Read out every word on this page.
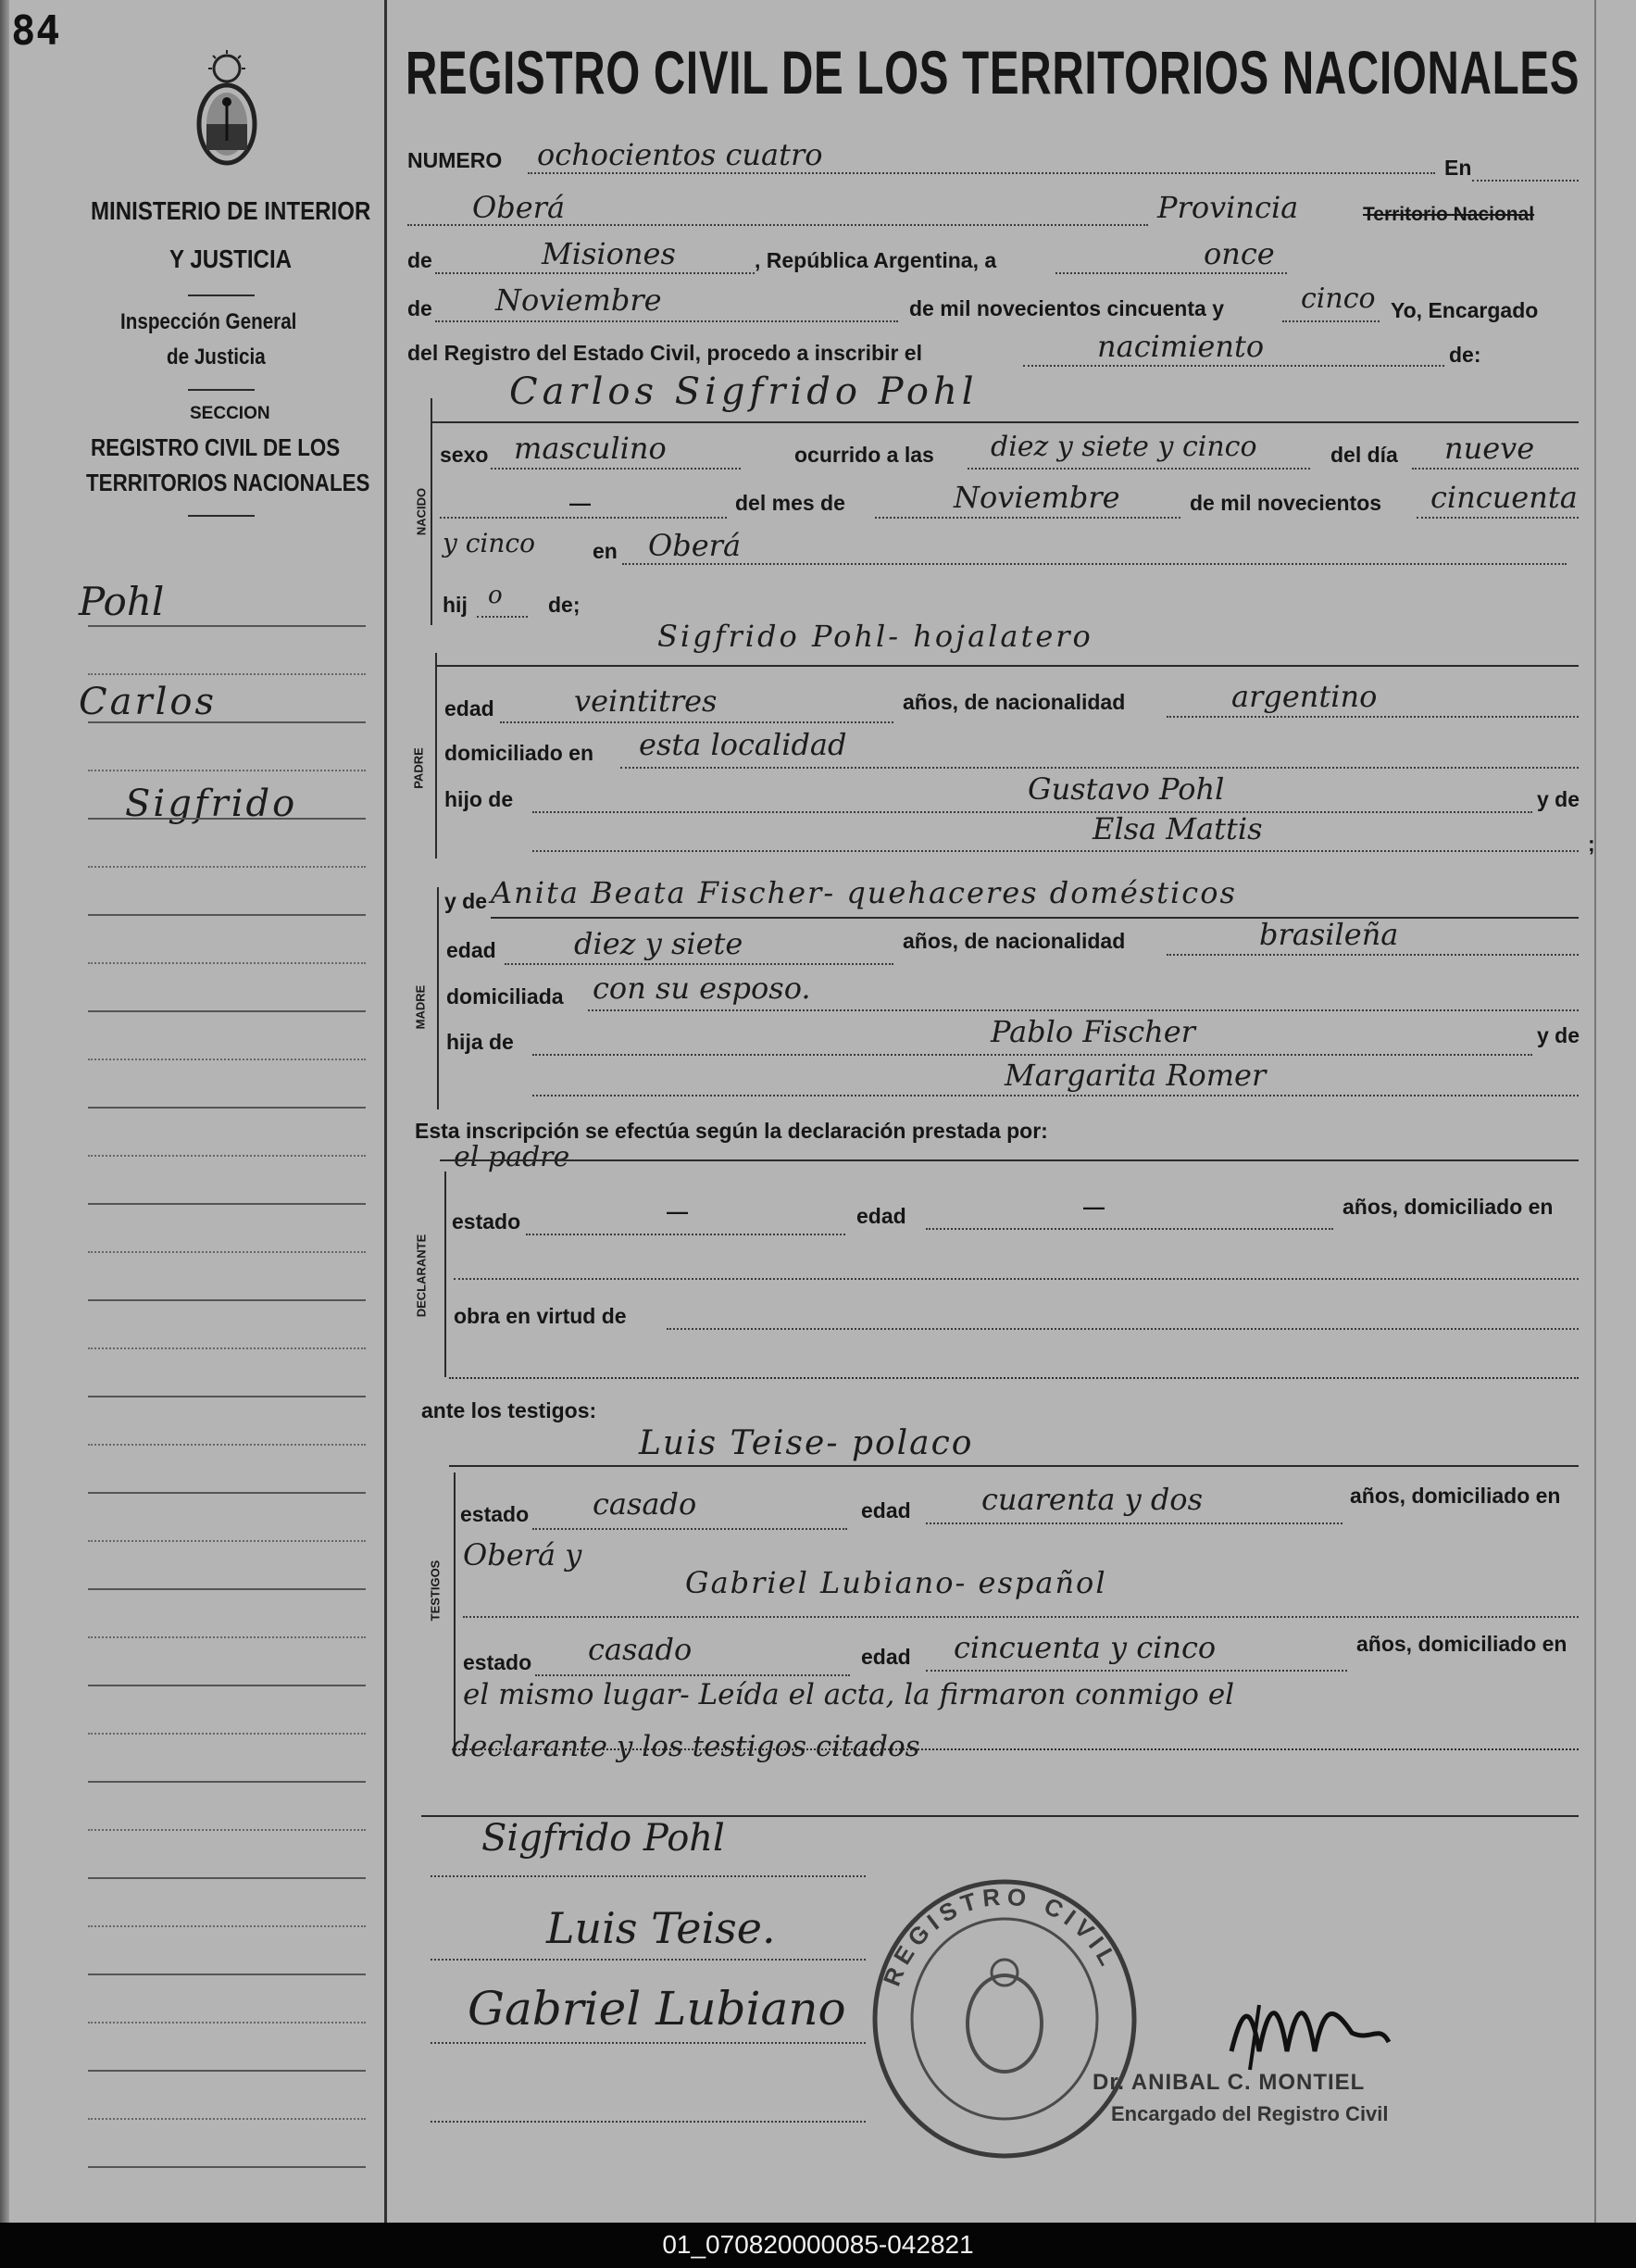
84
MINISTERIO DE INTERIOR
Y JUSTICIA
Inspección General
de Justicia
SECCION
REGISTRO CIVIL DE LOS
TERRITORIOS NACIONALES
Pohl
Carlos
Sigfrido
REGISTRO CIVIL DE LOS TERRITORIOS NACIONALES
NUMERO ochocientos cuatro	En
Oberá	Provincia	Territorio Nacional
de	Misiones	, República Argentina, a	once
de Noviembre	de mil novecientos cincuenta y	cinco Yo, Encargado
del Registro del Estado Civil, procedo a inscribir el	nacimiento	de:
Carlos Sigfrido Pohl
NACIDO
sexo masculino	ocurrido a las diez y siete y cinco	del día nueve
—	del mes de	Noviembre	de mil novecientos cincuenta
y cinco	en Oberá
hij o de;
Sigfrido Pohl- hojalatero
PADRE
edad	veintitres	años, de nacionalidad	argentino
domiciliado en esta localidad
hijo de	Gustavo Pohl	y de
Elsa Mattis	;
MADRE
y de Anita Beata Fischer- quehaceres domésticos
edad	diez y siete	años, de nacionalidad	brasileña
domiciliada con su esposo.
hija de	Pablo Fischer	y de
Margarita Romer
Esta inscripción se efectúa según la declaración prestada por:
el padre
DECLARANTE
estado	—	edad	—	años, domiciliado en
obra en virtud de
ante los testigos:
Luis Teise- polaco
TESTIGOS
estado casado	edad cuarenta y dos	años, domiciliado en
Oberá y
Gabriel Lubiano- español
estado casado	edad cincuenta y cinco	años, domiciliado en
el mismo lugar- Leída el acta, la firmaron conmigo el
declarante y los testigos citados
Sigfrido Pohl
Luis Teise.
Gabriel Lubiano
REGISTRO CIVIL
Dr. ANIBAL C. MONTIEL
Encargado del Registro Civil
01_070820000085-042821
